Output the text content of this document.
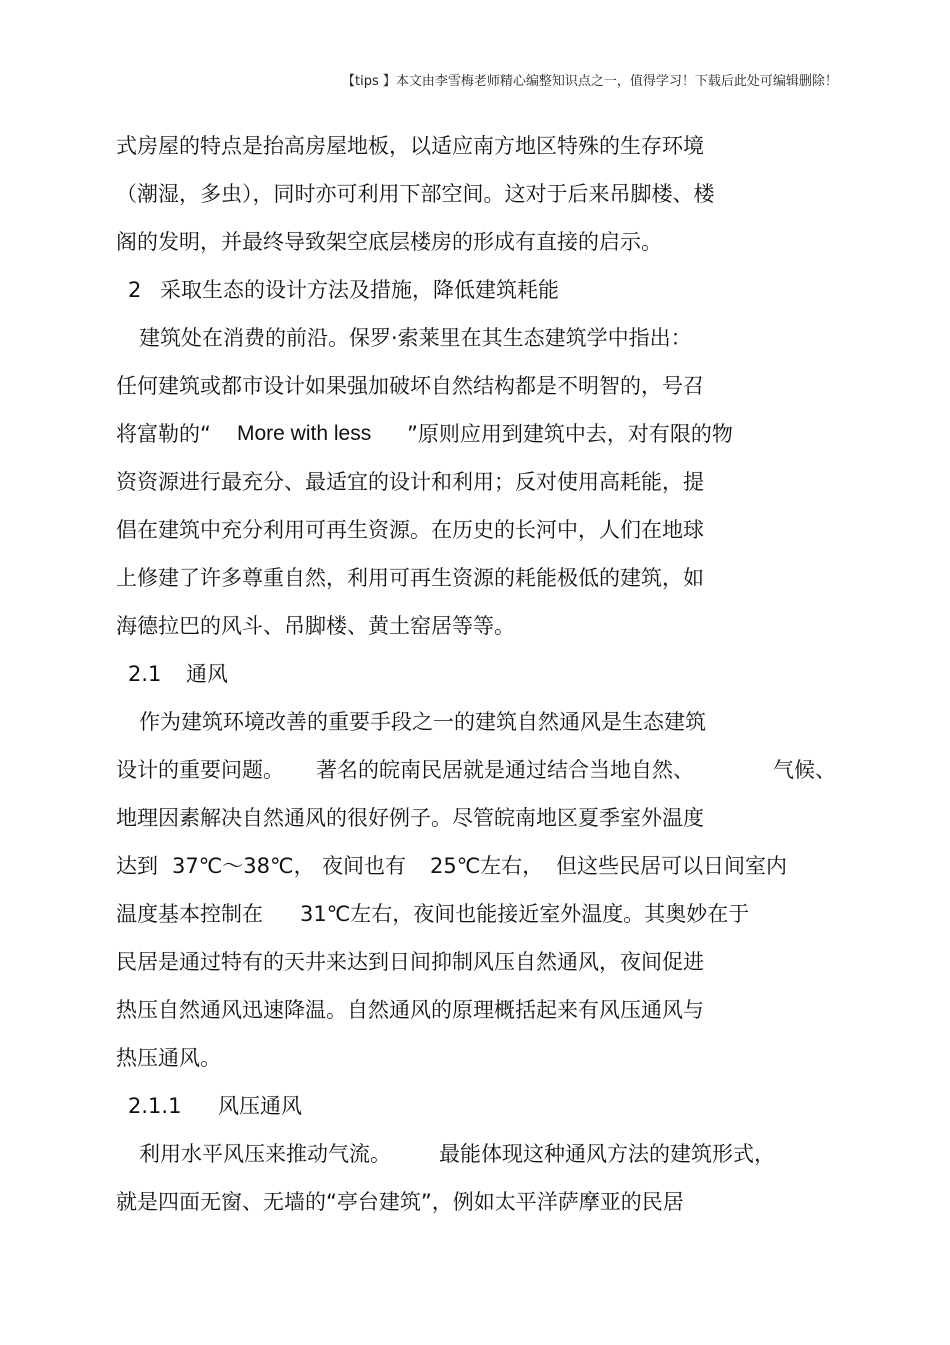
【tips 】本文由李雪梅老师精心编整知识点之一，值得学习！下载后此处可编辑删除！
式房屋的特点是抬高房屋地板，以适应南方地区特殊的生存环境
（潮湿，多虫），同时亦可利用下部空间。这对于后来吊脚楼、楼
阁的发明，并最终导致架空底层楼房的形成有直接的启示。
2 采取生态的设计方法及措施，降低建筑耗能
建筑处在消费的前沿。保罗·索莱里在其生态建筑学中指出：
任何建筑或都市设计如果强加破坏自然结构都是不明智的，号召
将富勒的“ More with less ”原则应用到建筑中去，对有限的物
资资源进行最充分、最适宜的设计和利用；反对使用高耗能，提
倡在建筑中充分利用可再生资源。在历史的长河中，人们在地球
上修建了许多尊重自然，利用可再生资源的耗能极低的建筑，如
海德拉巴的风斗、吊脚楼、黄土窑居等等。
2.1 通风
作为建筑环境改善的重要手段之一的建筑自然通风是生态建筑
设计的重要问题。 著名的皖南民居就是通过结合当地自然、	气候、
地理因素解决自然通风的很好例子。尽管皖南地区夏季室外温度
达到 37℃～38℃， 夜间也有 25℃左右， 但这些民居可以日间室内
温度基本控制在 31℃左右，夜间也能接近室外温度。其奥妙在于
民居是通过特有的天井来达到日间抑制风压自然通风，夜间促进
热压自然通风迅速降温。自然通风的原理概括起来有风压通风与
热压通风。
2.1.1 风压通风
利用水平风压来推动气流。 最能体现这种通风方法的建筑形式，
就是四面无窗、无墙的“亭台建筑”，例如太平洋萨摩亚的民居
